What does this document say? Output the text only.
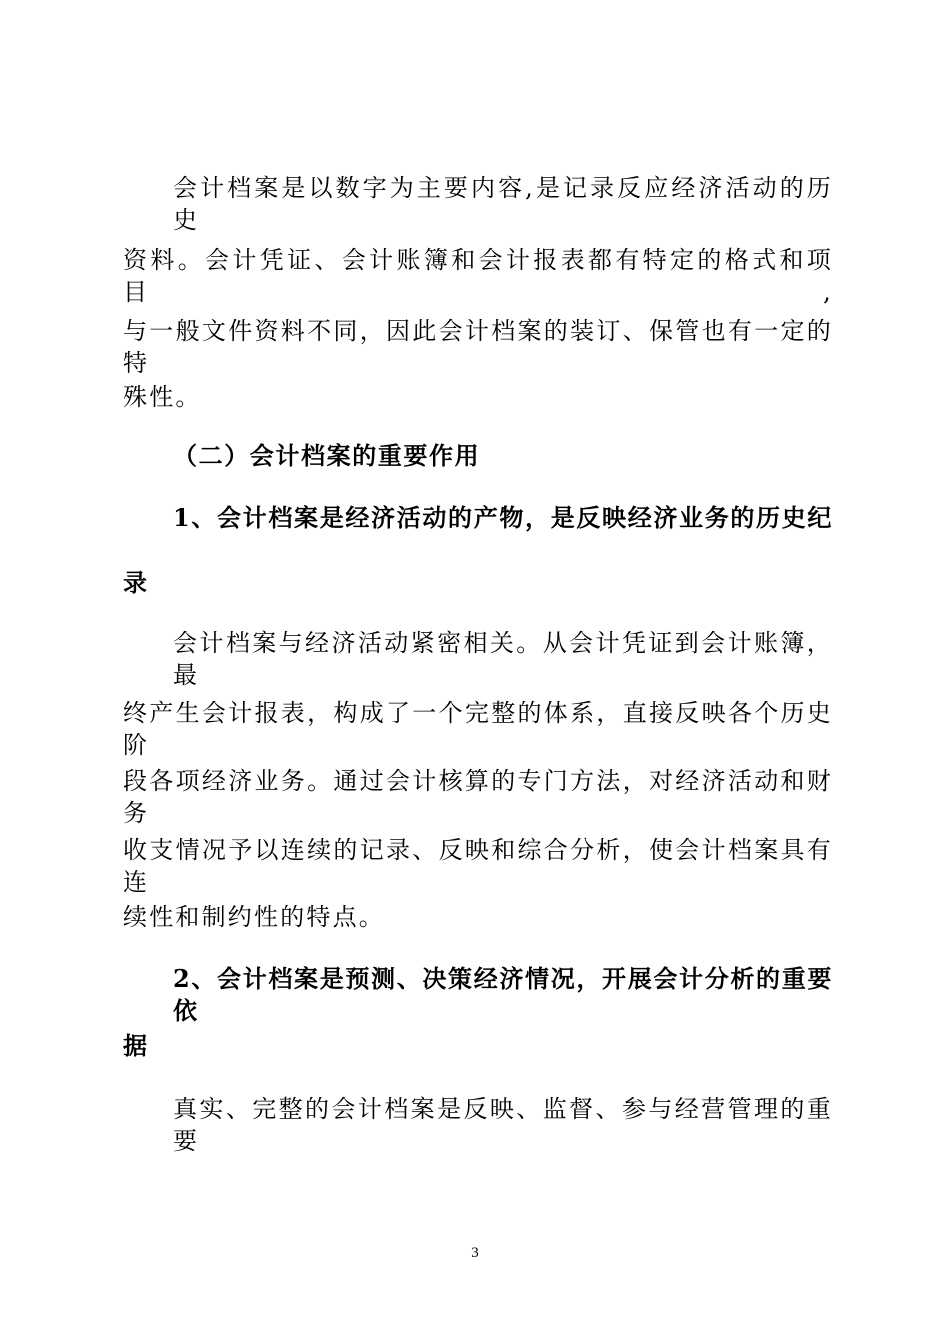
会计档案是以数字为主要内容,是记录反应经济活动的历史
资料。会计凭证、会计账簿和会计报表都有特定的格式和项目,
与一般文件资料不同，因此会计档案的装订、保管也有一定的特
殊性。
（二）会计档案的重要作用
1、会计档案是经济活动的产物，是反映经济业务的历史纪
录
会计档案与经济活动紧密相关。从会计凭证到会计账簿，最
终产生会计报表，构成了一个完整的体系，直接反映各个历史阶
段各项经济业务。通过会计核算的专门方法，对经济活动和财务
收支情况予以连续的记录、反映和综合分析，使会计档案具有连
续性和制约性的特点。
2、会计档案是预测、决策经济情况，开展会计分析的重要依
据
真实、完整的会计档案是反映、监督、参与经营管理的重要
3
